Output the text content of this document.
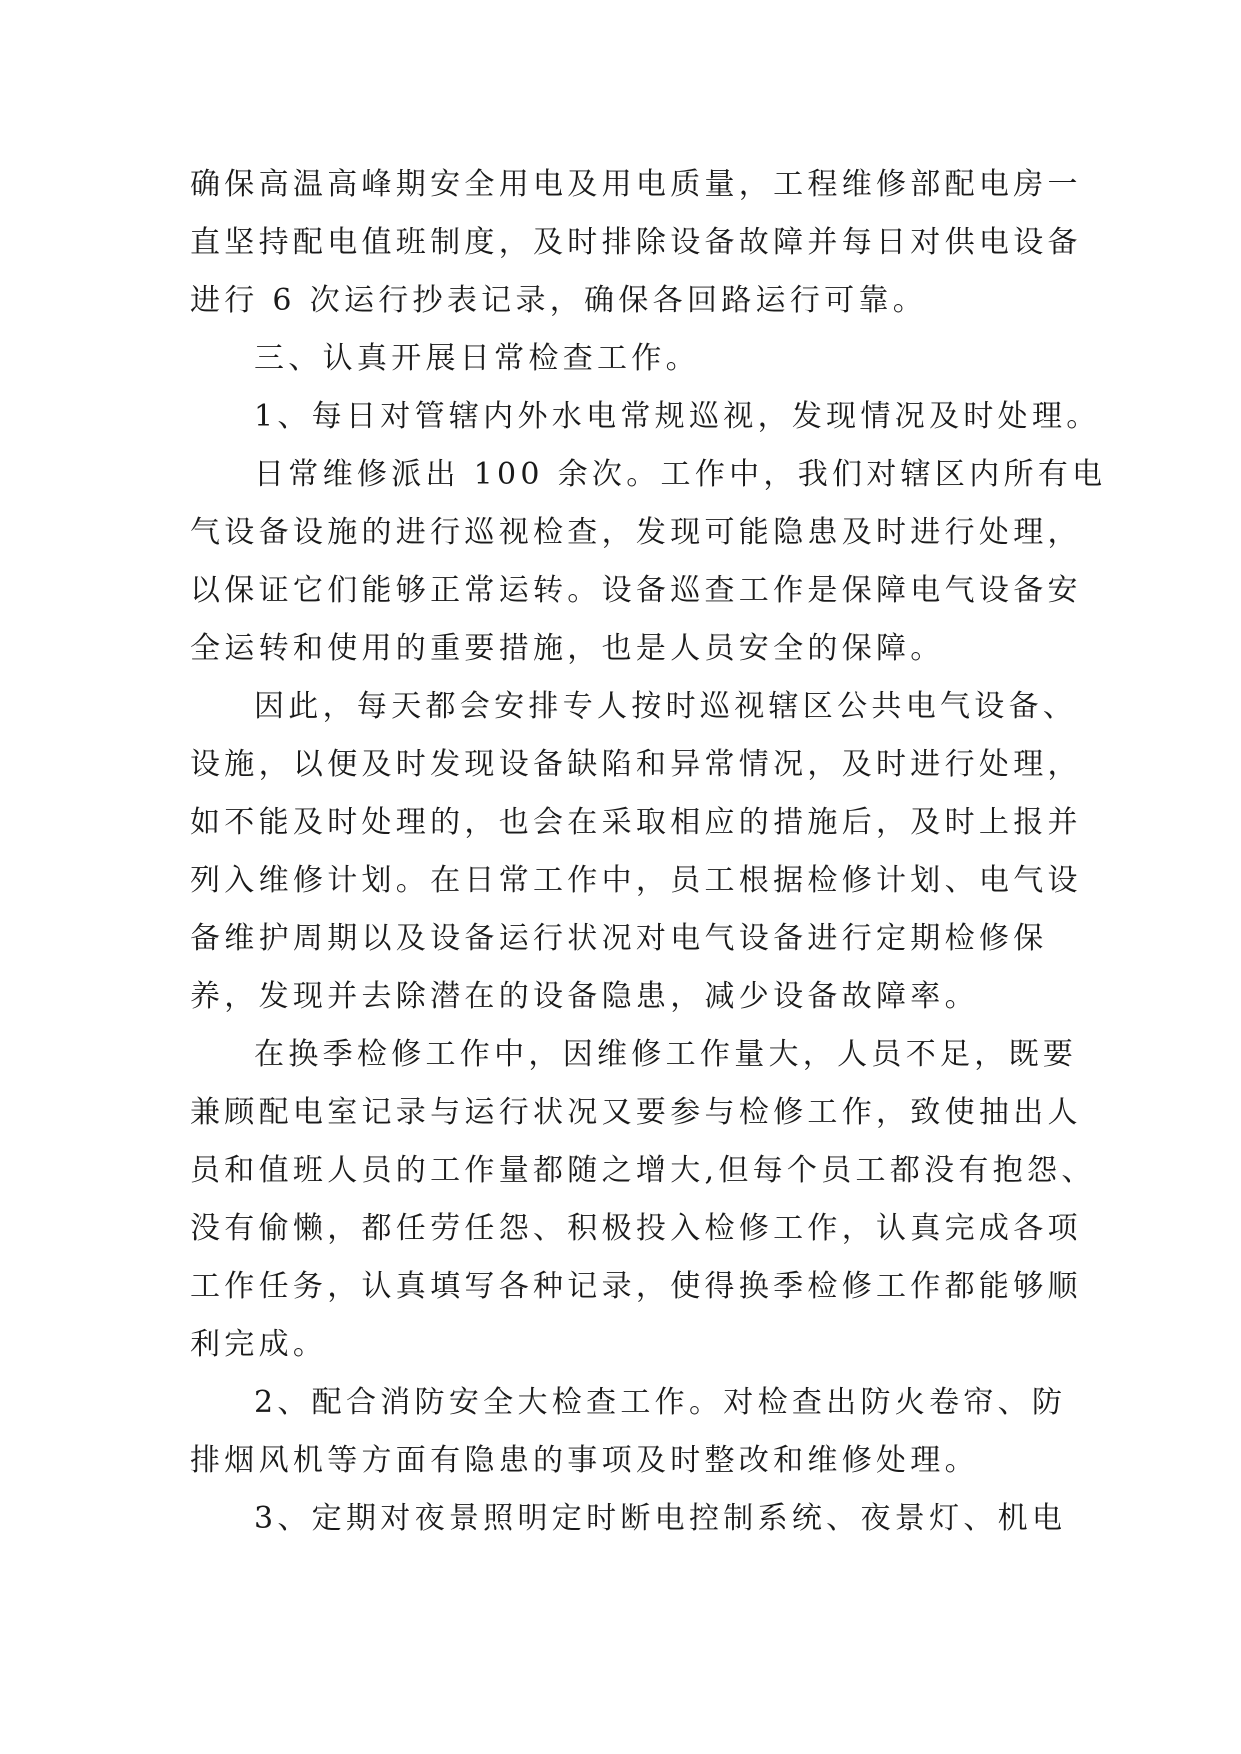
确保高温高峰期安全用电及用电质量，工程维修部配电房一

直坚持配电值班制度，及时排除设备故障并每日对供电设备

进行 6 次运行抄表记录，确保各回路运行可靠。

三、认真开展日常检查工作。

1、每日对管辖内外水电常规巡视，发现情况及时处理。

日常维修派出 100 余次。工作中，我们对辖区内所有电

气设备设施的进行巡视检查，发现可能隐患及时进行处理，

以保证它们能够正常运转。设备巡查工作是保障电气设备安

全运转和使用的重要措施，也是人员安全的保障。

因此，每天都会安排专人按时巡视辖区公共电气设备、

设施，以便及时发现设备缺陷和异常情况，及时进行处理，

如不能及时处理的，也会在采取相应的措施后，及时上报并

列入维修计划。在日常工作中，员工根据检修计划、电气设

备维护周期以及设备运行状况对电气设备进行定期检修保

养，发现并去除潜在的设备隐患，减少设备故障率。

在换季检修工作中，因维修工作量大，人员不足，既要

兼顾配电室记录与运行状况又要参与检修工作，致使抽出人

员和值班人员的工作量都随之增大,但每个员工都没有抱怨、

没有偷懒，都任劳任怨、积极投入检修工作，认真完成各项

工作任务，认真填写各种记录，使得换季检修工作都能够顺

利完成。

2、配合消防安全大检查工作。对检查出防火卷帘、防

排烟风机等方面有隐患的事项及时整改和维修处理。

3、定期对夜景照明定时断电控制系统、夜景灯、机电
